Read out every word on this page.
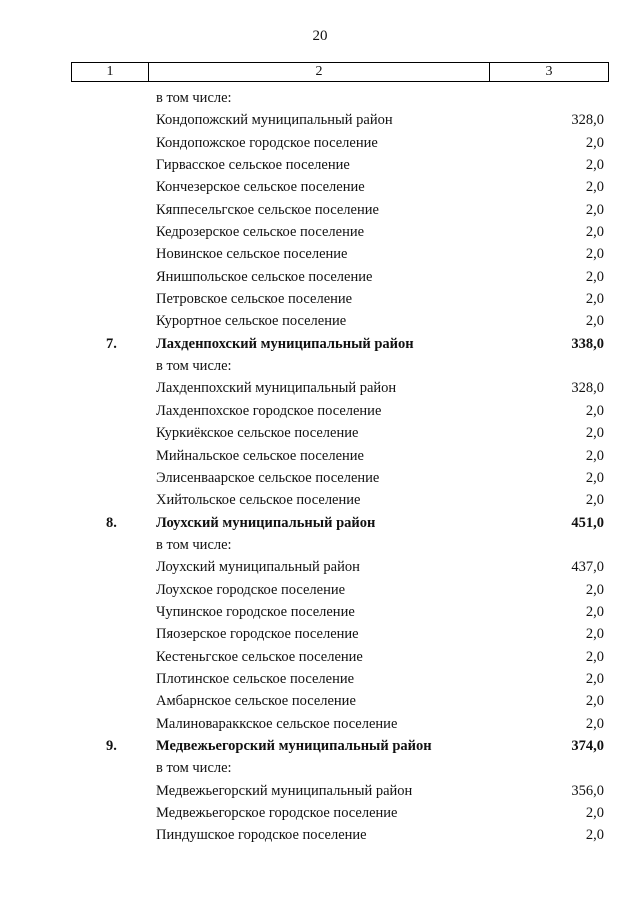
20
1	2	3
в том числе:
Кондопожский муниципальный район	328,0
Кондопожское городское поселение	2,0
Гирвасское сельское поселение	2,0
Кончезерское сельское поселение	2,0
Кяппесельгское сельское поселение	2,0
Кедрозерское сельское поселение	2,0
Новинское сельское поселение	2,0
Янишпольское сельское поселение	2,0
Петровское сельское поселение	2,0
Курортное сельское поселение	2,0
7.	Лахденпохский муниципальный район	338,0
в том числе:
Лахденпохский муниципальный район	328,0
Лахденпохское городское поселение	2,0
Куркиёкское сельское поселение	2,0
Мийнальское сельское поселение	2,0
Элисенваарское сельское поселение	2,0
Хийтольское сельское поселение	2,0
8.	Лоухский муниципальный район	451,0
в том числе:
Лоухский муниципальный район	437,0
Лоухское городское поселение	2,0
Чупинское городское поселение	2,0
Пяозерское городское поселение	2,0
Кестеньгское сельское поселение	2,0
Плотинское сельское поселение	2,0
Амбарнское сельское поселение	2,0
Малиновараккское сельское поселение	2,0
9.	Медвежьегорский муниципальный район	374,0
в том числе:
Медвежьегорский муниципальный район	356,0
Медвежьегорское городское поселение	2,0
Пиндушское городское поселение	2,0
